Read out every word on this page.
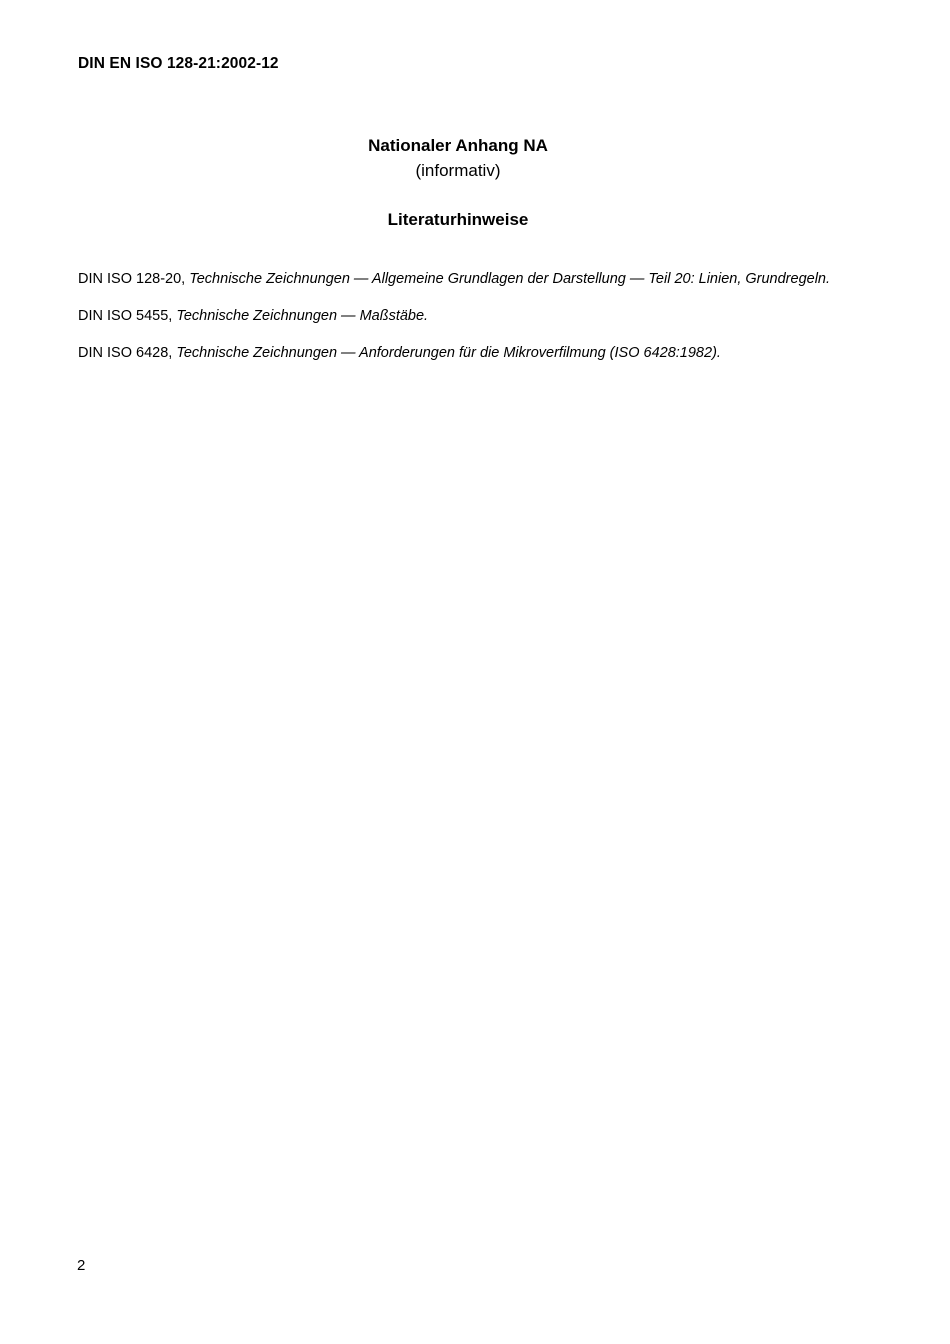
DIN EN ISO 128-21:2002-12
Nationaler Anhang NA
(informativ)
Literaturhinweise

DIN ISO 128-20, Technische Zeichnungen — Allgemeine Grundlagen der Darstellung — Teil 20: Linien, Grundregeln.

DIN ISO 5455, Technische Zeichnungen — Maßstäbe.

DIN ISO 6428, Technische Zeichnungen — Anforderungen für die Mikroverfilmung (ISO 6428:1982).

2
